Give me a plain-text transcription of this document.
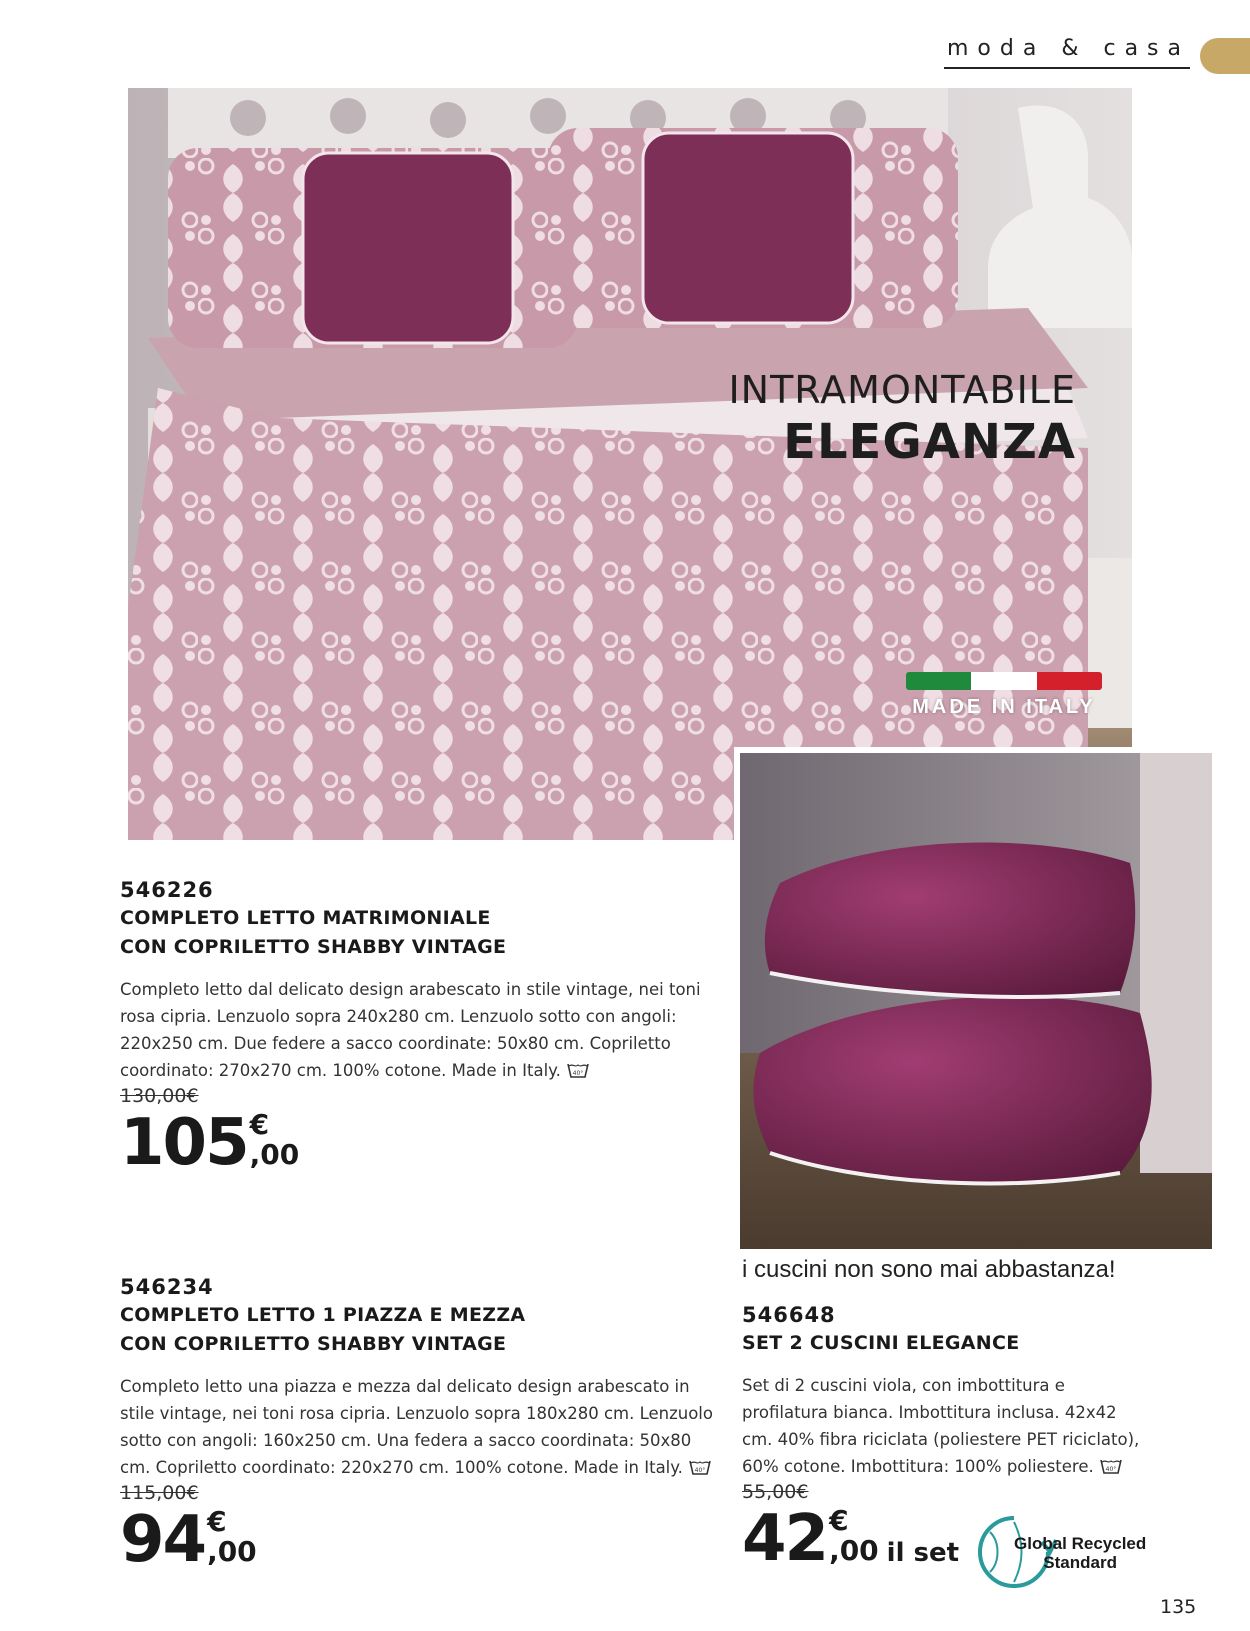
moda & casa
INTRAMONTABILE
ELEGANZA
MADE IN ITALY
i cuscini non sono mai abbastanza!
546226
COMPLETO LETTO MATRIMONIALE
CON COPRILETTO SHABBY VINTAGE
Completo letto dal delicato design arabescato in stile vintage, nei toni rosa cipria. Lenzuolo sopra 240x280 cm. Lenzuolo sotto con angoli: 220x250 cm. Due federe a sacco coordinate: 50x80 cm. Copriletto coordinato: 270x270 cm. 100% cotone. Made in Italy. 40°
130,00€
105 €
,00
546234
COMPLETO LETTO 1 PIAZZA E MEZZA
CON COPRILETTO SHABBY VINTAGE
Completo letto una piazza e mezza dal delicato design arabescato in stile vintage, nei toni rosa cipria. Lenzuolo sopra 180x280 cm. Lenzuolo sotto con angoli: 160x250 cm. Una federa a sacco coordinata: 50x80 cm. Copriletto coordinato: 220x270 cm. 100% cotone. Made in Italy. 40°
115,00€
94 €
,00
546648
SET 2 CUSCINI ELEGANCE
Set di 2 cuscini viola, con imbottitura e profilatura bianca. Imbottitura inclusa. 42x42 cm. 40% fibra riciclata (poliestere PET riciclato), 60% cotone. Imbottitura: 100% poliestere. 40°
55,00€
42 €
,00 il set	Global Recycled
Standard
135
